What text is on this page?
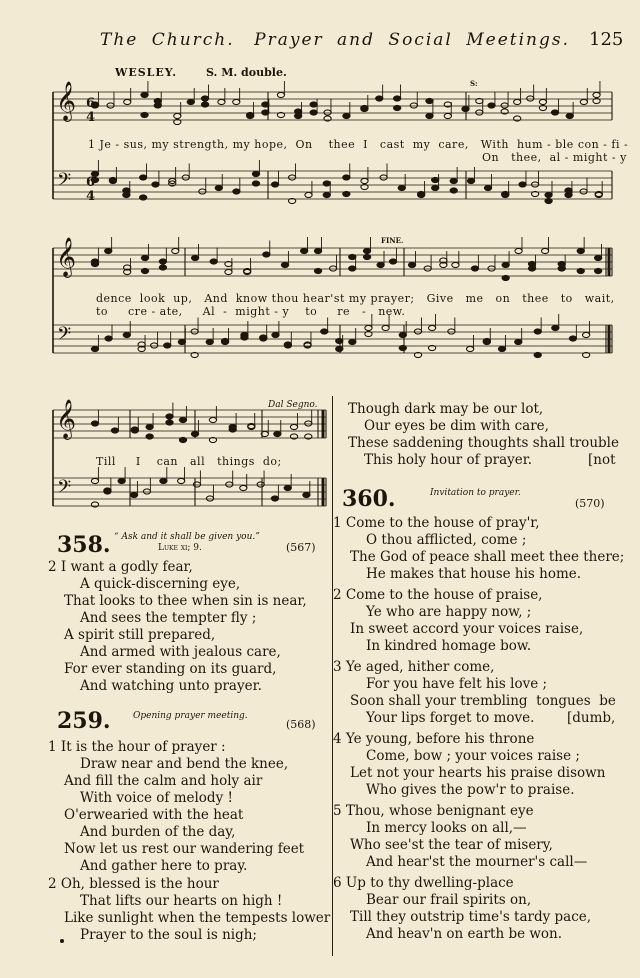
The Church. Prayer and Social Meetings. 125
WESLEY.	S. M. double.
𝄞
𝄢
𝄞
𝄢
𝄞
𝄢
6
4
6
4
S:
FINE.
Dal Segno.
1 Je - sus, my strength, my hope,  On    thee  I   cast  my  care,   With  hum - ble con - fi -
On   thee,  al - might - y
dence  look  up,   And  know thou hear'st my prayer;   Give   me   on   thee   to   wait,
to     cre - ate,     Al  -  might - y    to     re   -   new.
Till     I    can   all   things  do;
358. “ Ask and it shall be given you.”
Luke xi; 9.	(567)
2 I want a godly fear,
A quick-discerning eye,
That looks to thee when sin is near,
And sees the tempter fly ;
A spirit still prepared,
And armed with jealous care,
For ever standing on its guard,
And watching unto prayer.
259. Opening prayer meeting.
(568)
1 It is the hour of prayer :
Draw near and bend the knee,
And fill the calm and holy air
With voice of melody !
O'erwearied with the heat
And burden of the day,
Now let us rest our wandering feet
And gather here to pray.
2 Oh, blessed is the hour
That lifts our hearts on high !
Like sunlight when the tempests lower
Prayer to the soul is nigh;
Though dark may be our lot,
Our eyes be dim with care,
These saddening thoughts shall trouble
This holy hour of prayer.	[not
360.	Invitation to prayer.
(570)
1 Come to the house of pray'r,
O thou afflicted, come ;
The God of peace shall meet thee there;
He makes that house his home.
2 Come to the house of praise,
Ye who are happy now, ;
In sweet accord your voices raise,
In kindred homage bow.
3 Ye aged, hither come,
For you have felt his love ;
Soon shall your trembling  tongues  be
Your lips forget to move. [dumb,
4 Ye young, before his throne
Come, bow ; your voices raise ;
Let not your hearts his praise disown
Who gives the pow'r to praise.
5 Thou, whose benignant eye
In mercy looks on all,—
Who see'st the tear of misery,
And hear'st the mourner's call—
6 Up to thy dwelling-place
Bear our frail spirits on,
Till they outstrip time's tardy pace,
And heav'n on earth be won.
